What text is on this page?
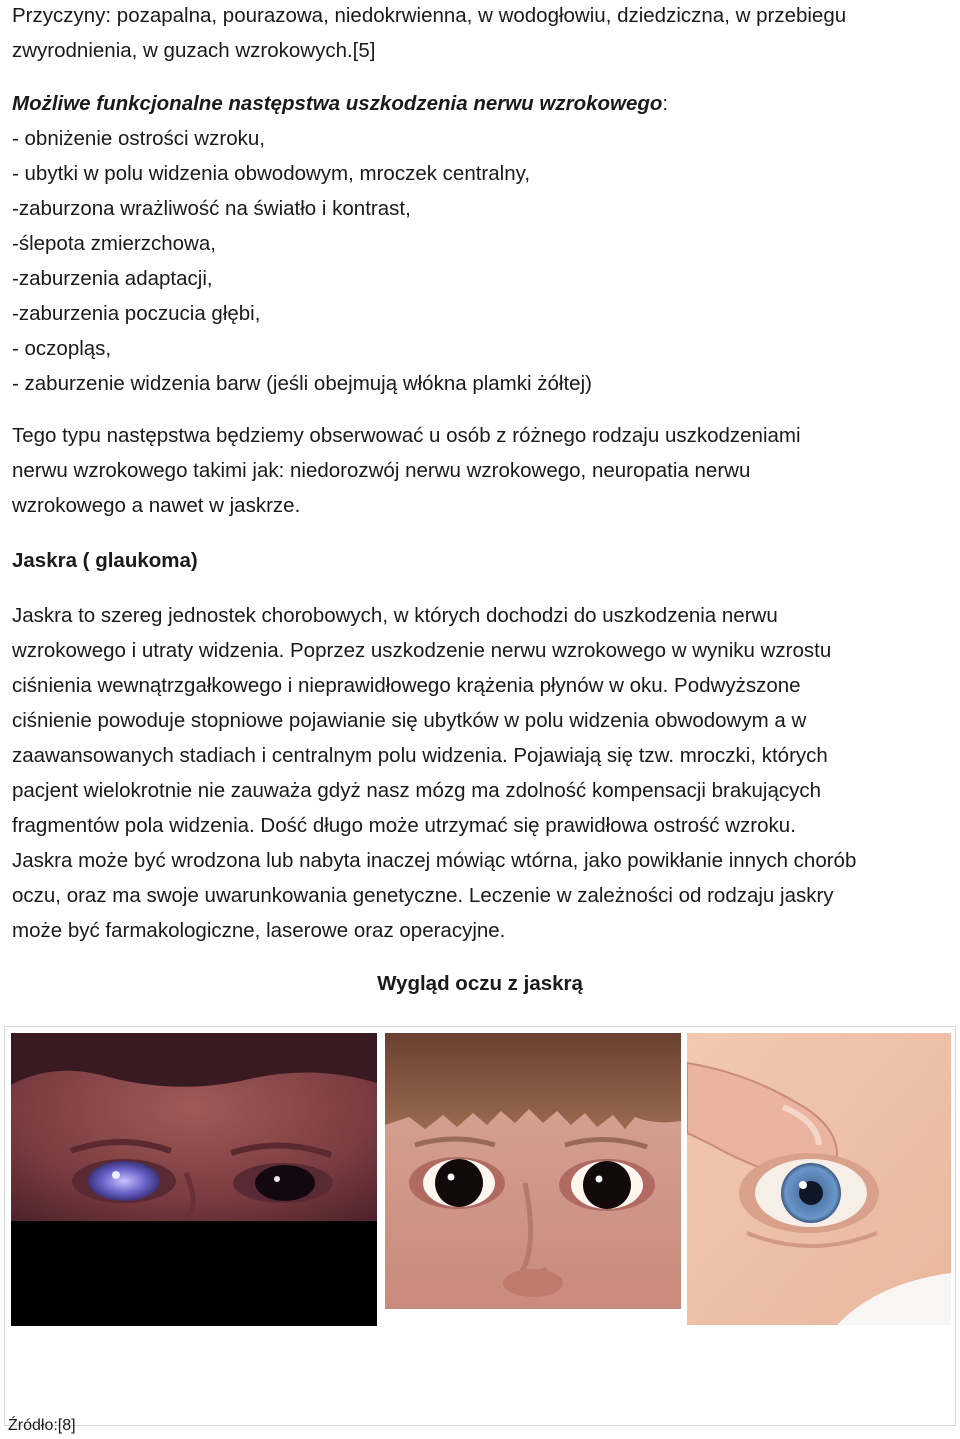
Przyczyny: pozapalna, pourazowa, niedokrwienna, w wodogłowiu, dziedziczna, w przebiegu
zwyrodnienia, w guzach wzrokowych.[5]

Możliwe funkcjonalne następstwa uszkodzenia nerwu wzrokowego:

- obniżenie ostrości wzroku,
- ubytki w polu widzenia obwodowym, mroczek centralny,
-zaburzona wrażliwość na światło i kontrast,
-ślepota zmierzchowa,
-zaburzenia adaptacji,
-zaburzenia poczucia głębi,
- oczopląs,
- zaburzenie widzenia barw (jeśli obejmują włókna plamki żółtej)
Tego typu następstwa będziemy obserwować u osób z różnego rodzaju uszkodzeniami
nerwu wzrokowego takimi jak: niedorozwój nerwu wzrokowego, neuropatia nerwu
wzrokowego a nawet w jaskrze.

Jaskra ( glaukoma)

Jaskra to szereg jednostek chorobowych, w których dochodzi do uszkodzenia nerwu
wzrokowego i utraty widzenia. Poprzez uszkodzenie nerwu wzrokowego w wyniku wzrostu
ciśnienia wewnątrzgałkowego i nieprawidłowego krążenia płynów w oku. Podwyższone
ciśnienie powoduje stopniowe pojawianie się ubytków w polu widzenia obwodowym a w
zaawansowanych stadiach i centralnym polu widzenia. Pojawiają się tzw. mroczki, których
pacjent wielokrotnie nie zauważa gdyż nasz mózg ma zdolność kompensacji brakujących
fragmentów pola widzenia. Dość długo może utrzymać się prawidłowa ostrość wzroku.
Jaskra może być wrodzona lub nabyta inaczej mówiąc wtórna, jako powikłanie innych chorób
oczu, oraz ma swoje uwarunkowania genetyczne. Leczenie w zależności od rodzaju jaskry
może być farmakologiczne, laserowe oraz operacyjne.

Wygląd oczu z jaskrą

Źródło:[8]
